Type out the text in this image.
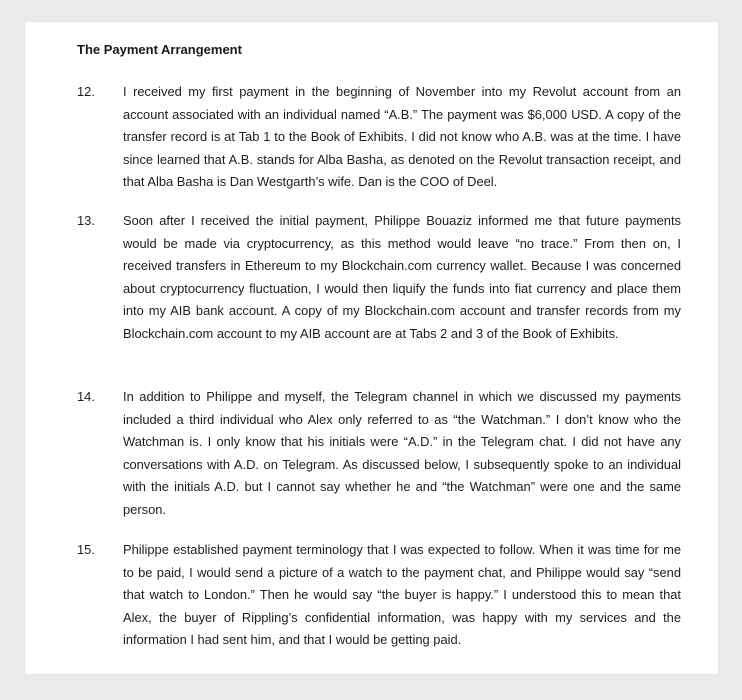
The Payment Arrangement
12.	I received my first payment in the beginning of November into my Revolut account from an account associated with an individual named “A.B.” The payment was $6,000 USD. A copy of the transfer record is at Tab 1 to the Book of Exhibits. I did not know who A.B. was at the time. I have since learned that A.B. stands for Alba Basha, as denoted on the Revolut transaction receipt, and that Alba Basha is Dan Westgarth’s wife. Dan is the COO of Deel.
13.	Soon after I received the initial payment, Philippe Bouaziz informed me that future payments would be made via cryptocurrency, as this method would leave “no trace.” From then on, I received transfers in Ethereum to my Blockchain.com currency wallet. Because I was concerned about cryptocurrency fluctuation, I would then liquify the funds into fiat currency and place them into my AIB bank account. A copy of my Blockchain.com account and transfer records from my Blockchain.com account to my AIB account are at Tabs 2 and 3 of the Book of Exhibits.
14.	In addition to Philippe and myself, the Telegram channel in which we discussed my payments included a third individual who Alex only referred to as “the Watchman.” I don’t know who the Watchman is. I only know that his initials were “A.D.” in the Telegram chat. I did not have any conversations with A.D. on Telegram. As discussed below, I subsequently spoke to an individual with the initials A.D. but I cannot say whether he and “the Watchman” were one and the same person.
15.	Philippe established payment terminology that I was expected to follow. When it was time for me to be paid, I would send a picture of a watch to the payment chat, and Philippe would say “send that watch to London.” Then he would say “the buyer is happy.” I understood this to mean that Alex, the buyer of Rippling’s confidential information, was happy with my services and the information I had sent him, and that I would be getting paid.
